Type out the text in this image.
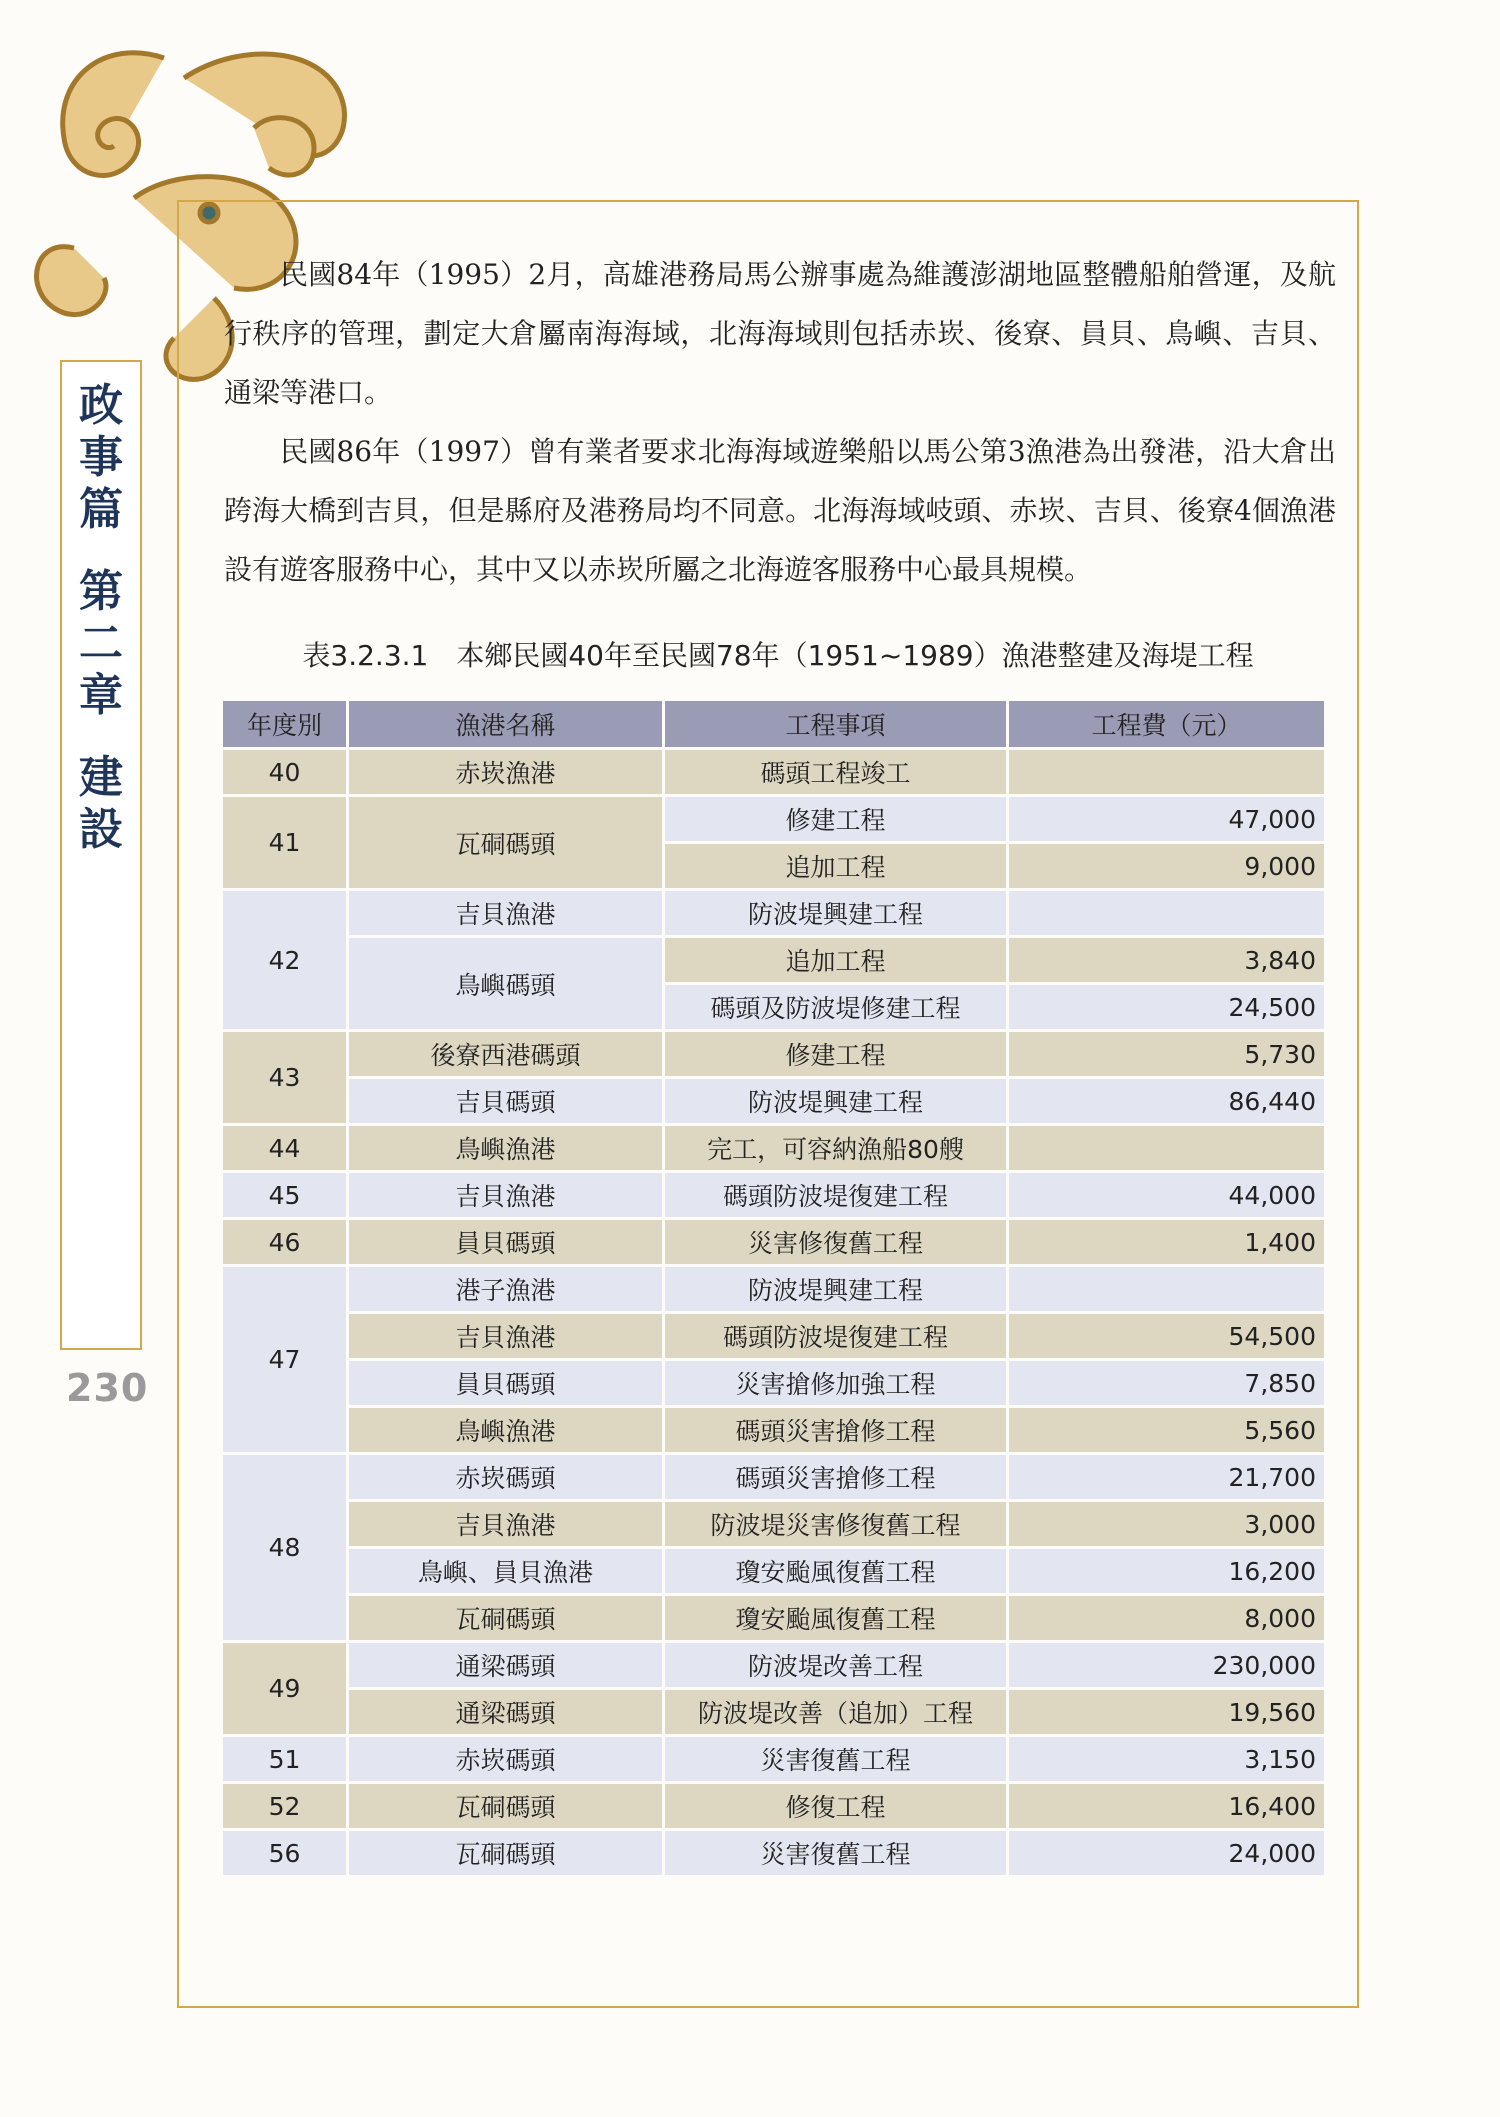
政
事
篇
第
二
章
建
設
230

民國84年（1995）2月，高雄港務局馬公辦事處為維護澎湖地區整體船舶營運，及航行秩序的管理，劃定大倉屬南海海域，北海海域則包括赤崁、後寮、員貝、鳥嶼、吉貝、通梁等港口。

民國86年（1997）曾有業者要求北海海域遊樂船以馬公第3漁港為出發港，沿大倉出跨海大橋到吉貝，但是縣府及港務局均不同意。北海海域岐頭、赤崁、吉貝、後寮4個漁港設有遊客服務中心，其中又以赤崁所屬之北海遊客服務中心最具規模。

表3.2.3.1　本鄉民國40年至民國78年（1951~1989）漁港整建及海堤工程
年度別	漁港名稱	工程事項	工程費（元）
40	赤崁漁港	碼頭工程竣工	
41	瓦硐碼頭	修建工程	47,000
		追加工程	9,000
42	吉貝漁港	防波堤興建工程	
	鳥嶼碼頭	追加工程	3,840
		碼頭及防波堤修建工程	24,500
43	後寮西港碼頭	修建工程	5,730
	吉貝碼頭	防波堤興建工程	86,440
44	鳥嶼漁港	完工，可容納漁船80艘	
45	吉貝漁港	碼頭防波堤復建工程	44,000
46	員貝碼頭	災害修復舊工程	1,400
47	港子漁港	防波堤興建工程	
	吉貝漁港	碼頭防波堤復建工程	54,500
	員貝碼頭	災害搶修加強工程	7,850
	鳥嶼漁港	碼頭災害搶修工程	5,560
48	赤崁碼頭	碼頭災害搶修工程	21,700
	吉貝漁港	防波堤災害修復舊工程	3,000
	鳥嶼、員貝漁港	瓊安颱風復舊工程	16,200
	瓦硐碼頭	瓊安颱風復舊工程	8,000
49	通梁碼頭	防波堤改善工程	230,000
	通梁碼頭	防波堤改善（追加）工程	19,560
51	赤崁碼頭	災害復舊工程	3,150
52	瓦硐碼頭	修復工程	16,400
56	瓦硐碼頭	災害復舊工程	24,000
